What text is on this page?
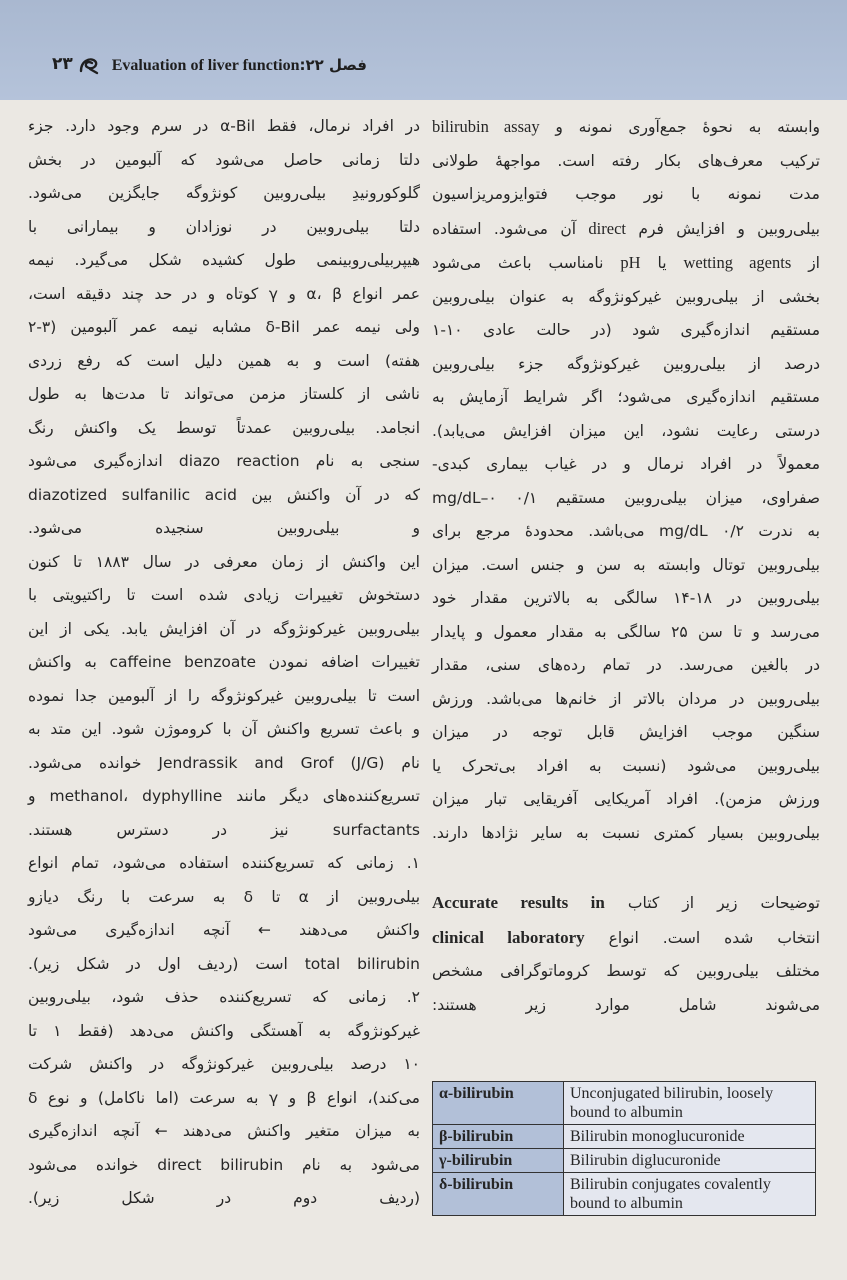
۲۳ Evaluation of liver function:فصل ۲۲
وابسته به نحوهٔ جمع‌آوری نمونه و bilirubin assay
ترکیب معرف‌های بکار رفته است. مواجههٔ طولانی
مدت نمونه با نور موجب فتوایزومریزاسیون
بیلی‌روبین و افزایش فرم direct آن می‌شود. استفاده
از wetting agents یا pH نامناسب باعث می‌شود
بخشی از بیلی‌روبین غیرکونژوگه به عنوان بیلی‌روبین
مستقیم اندازه‌گیری شود (در حالت عادی ۱۰-۱
درصد از بیلی‌روبین غیرکونژوگه جزء بیلی‌روبین
مستقیم اندازه‌گیری می‌شود؛ اگر شرایط آزمایش به
درستی رعایت نشود، این میزان افزایش می‌یابد).
معمولاً در افراد نرمال و در غیاب بیماری کبدی-
صفراوی، میزان بیلی‌روبین مستقیم ۰/۱ mg/dL–۰
به ندرت ۰/۲ mg/dL می‌باشد. محدودهٔ مرجع برای
بیلی‌روبین توتال وابسته به سن و جنس است. میزان
بیلی‌روبین در ۱۸-۱۴ سالگی به بالاترین مقدار خود
می‌رسد و تا سن ۲۵ سالگی به مقدار معمول و پایدار
در بالغین می‌رسد. در تمام رده‌های سنی، مقدار
بیلی‌روبین در مردان بالاتر از خانم‌ها می‌باشد. ورزش
سنگین موجب افزایش قابل توجه در میزان
بیلی‌روبین می‌شود (نسبت به افراد بی‌تحرک یا
ورزش مزمن). افراد آمریکایی آفریقایی تبار میزان
بیلی‌روبین بسیار کمتری نسبت به سایر نژادها دارند.
توضیحات زیر از کتاب Accurate results in
انتخاب شده است. انواع clinical laboratory
مختلف بیلی‌روبین که توسط کروماتوگرافی مشخص
می‌شوند شامل موارد زیر هستند:
α-bilirubin	Unconjugated bilirubin, loosely bound to albumin
β-bilirubin	Bilirubin monoglucuronide
γ-bilirubin	Bilirubin diglucuronide
δ-bilirubin	Bilirubin conjugates covalently bound to albumin
در افراد نرمال، فقط α-Bil در سرم وجود دارد. جزء
دلتا زمانی حاصل می‌شود که آلبومین در بخش
گلوکورونیدِ بیلی‌روبین کونژوگه جایگزین می‌شود.
دلتا بیلی‌روبین در نوزادان و بیمارانی با
هیپربیلی‌روبینمی طول کشیده شکل می‌گیرد. نیمه
عمر انواع α، β و γ کوتاه و در حد چند دقیقه است،
ولی نیمه عمر δ-Bil مشابه نیمه عمر آلبومین (۳-۲
هفته) است و به همین دلیل است که رفع زردی
ناشی از کلستاز مزمن می‌تواند تا مدت‌ها به طول
انجامد. بیلی‌روبین عمدتاً توسط یک واکنش رنگ
سنجی به نام diazo reaction اندازه‌گیری می‌شود
که در آن واکنش بین diazotized sulfanilic acid
و بیلی‌روبین سنجیده می‌شود.
این واکنش از زمان معرفی در سال ۱۸۸۳ تا کنون
دستخوش تغییرات زیادی شده است تا راکتیویتی با
بیلی‌روبین غیرکونژوگه در آن افزایش یابد. یکی از این
تغییرات اضافه نمودن caffeine benzoate به واکنش
است تا بیلی‌روبین غیرکونژوگه را از آلبومین جدا نموده
و باعث تسریع واکنش آن با کروموژن شود. این متد به
نام Jendrassik and Grof (J/G) خوانده می‌شود.
تسریع‌کننده‌های دیگر مانند methanol، dyphylline و
surfactants نیز در دسترس هستند.
۱. زمانی که تسریع‌کننده استفاده می‌شود، تمام انواع
بیلی‌روبین از α تا δ به سرعت با رنگ دیازو
واکنش می‌دهند ← آنچه اندازه‌گیری می‌شود
total bilirubin است (ردیف اول در شکل زیر).
۲. زمانی که تسریع‌کننده حذف شود، بیلی‌روبین
غیرکونژوگه به آهستگی واکنش می‌دهد (فقط ۱ تا
۱۰ درصد بیلی‌روبین غیرکونژوگه در واکنش شرکت
می‌کند)، انواع β و γ به سرعت (اما ناکامل) و نوع δ
به میزان متغیر واکنش می‌دهند ← آنچه اندازه‌گیری
می‌شود به نام direct bilirubin خوانده می‌شود
(ردیف دوم در شکل زیر).
